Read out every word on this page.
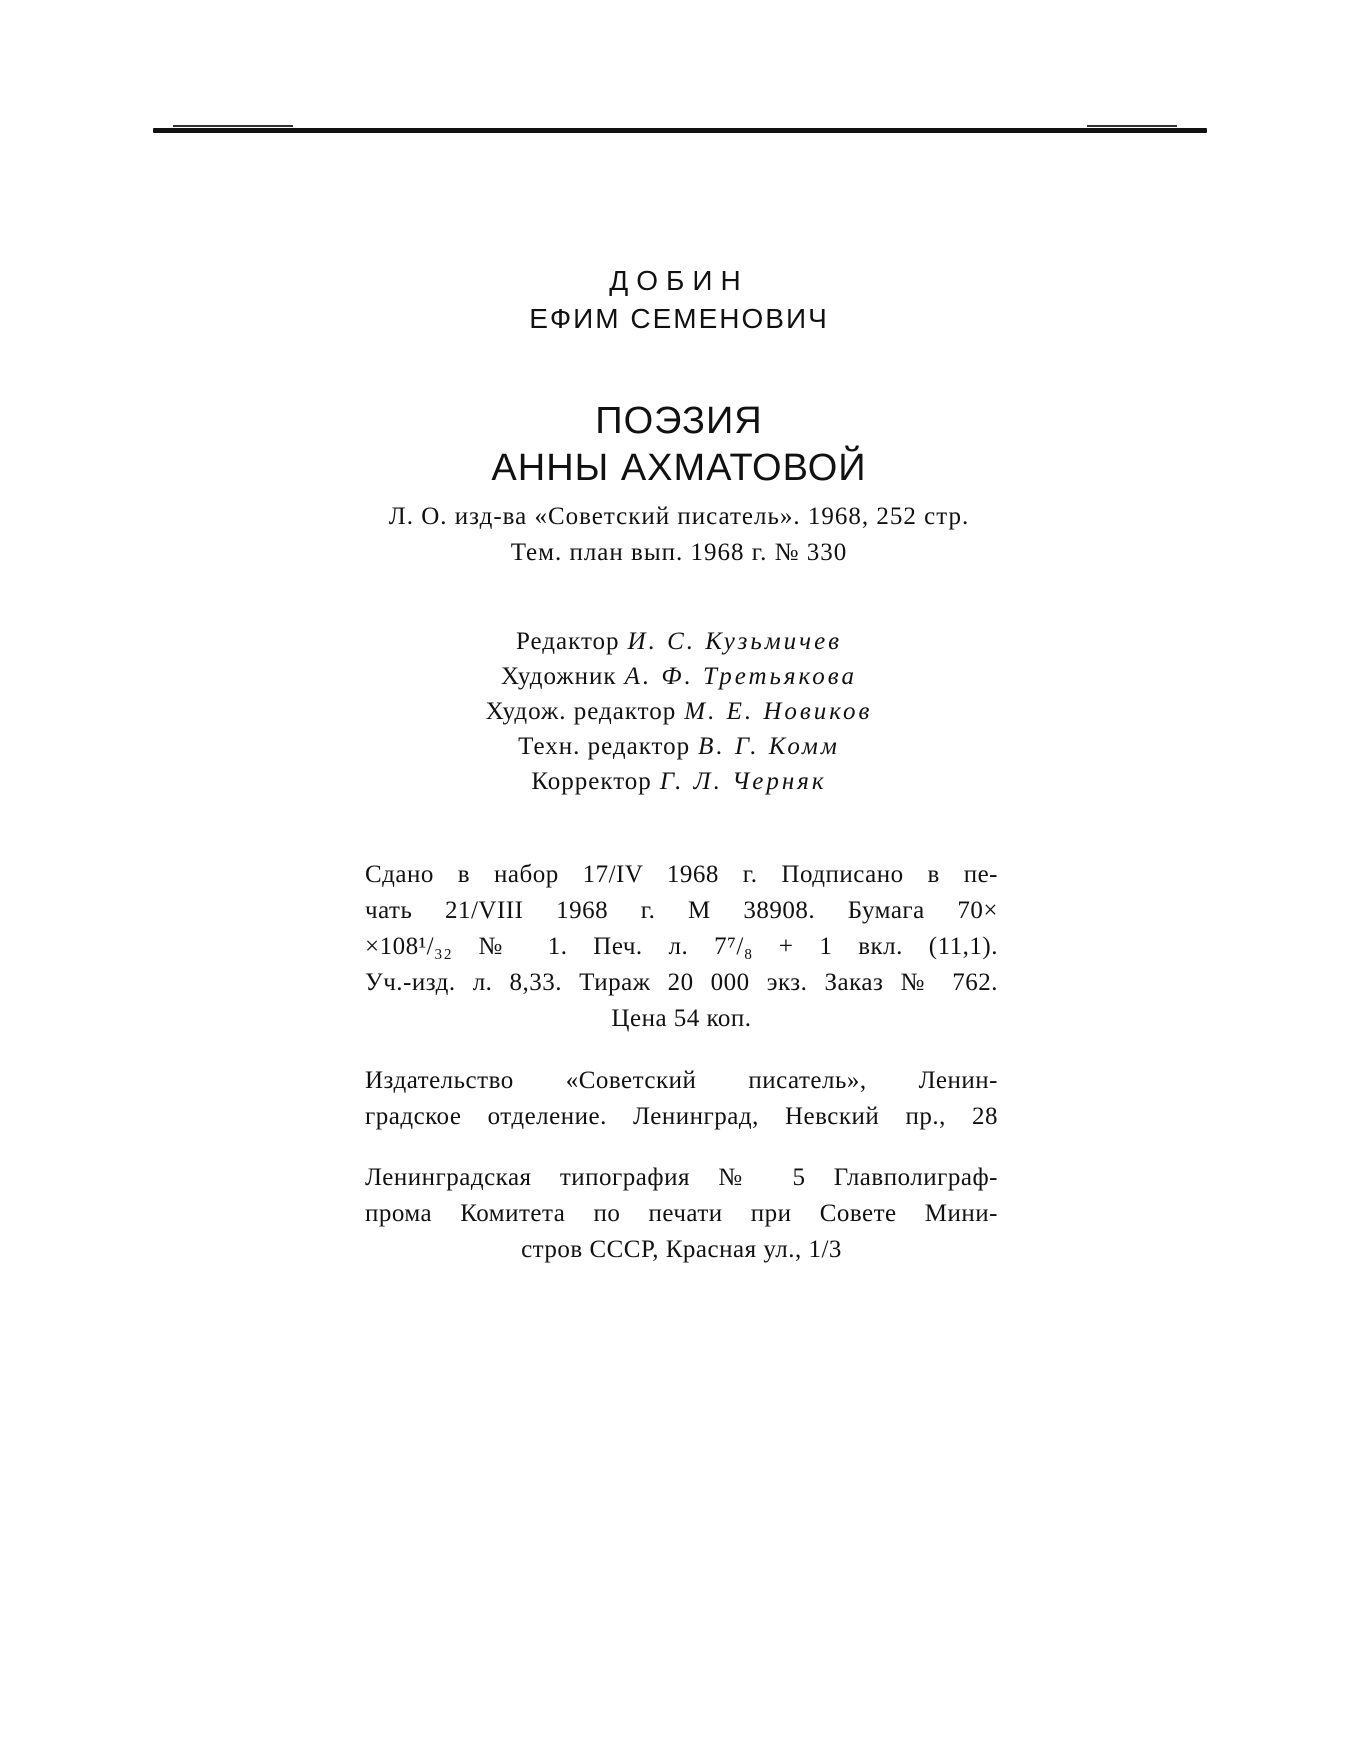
ДОБИН
ЕФИМ СЕМЕНОВИЧ
ПОЭЗИЯ
АННЫ АХМАТОВОЙ
Л. О. изд-ва «Советский писатель». 1968, 252 стр.
Тем. план вып. 1968 г. № 330
Редактор И. С. Кузьмичев
Художник А. Ф. Третьякова
Худож. редактор М. Е. Новиков
Техн. редактор В. Г. Комм
Корректор Г. Л. Черняк
Сдано в набор 17/IV 1968 г. Подписано в пе-
чать 21/VIII 1968 г. М 38908. Бумага 70×
×108¹/₃₂ № 1. Печ. л. 7⁷/₈ + 1 вкл. (11,1).
Уч.-изд. л. 8,33. Тираж 20 000 экз. Заказ № 762.
Цена 54 коп.
Издательство «Советский писатель», Ленин-
градское отделение. Ленинград, Невский пр., 28
Ленинградская типография № 5 Главполиграф-
прома Комитета по печати при Совете Мини-
стров СССР, Красная ул., 1/3
